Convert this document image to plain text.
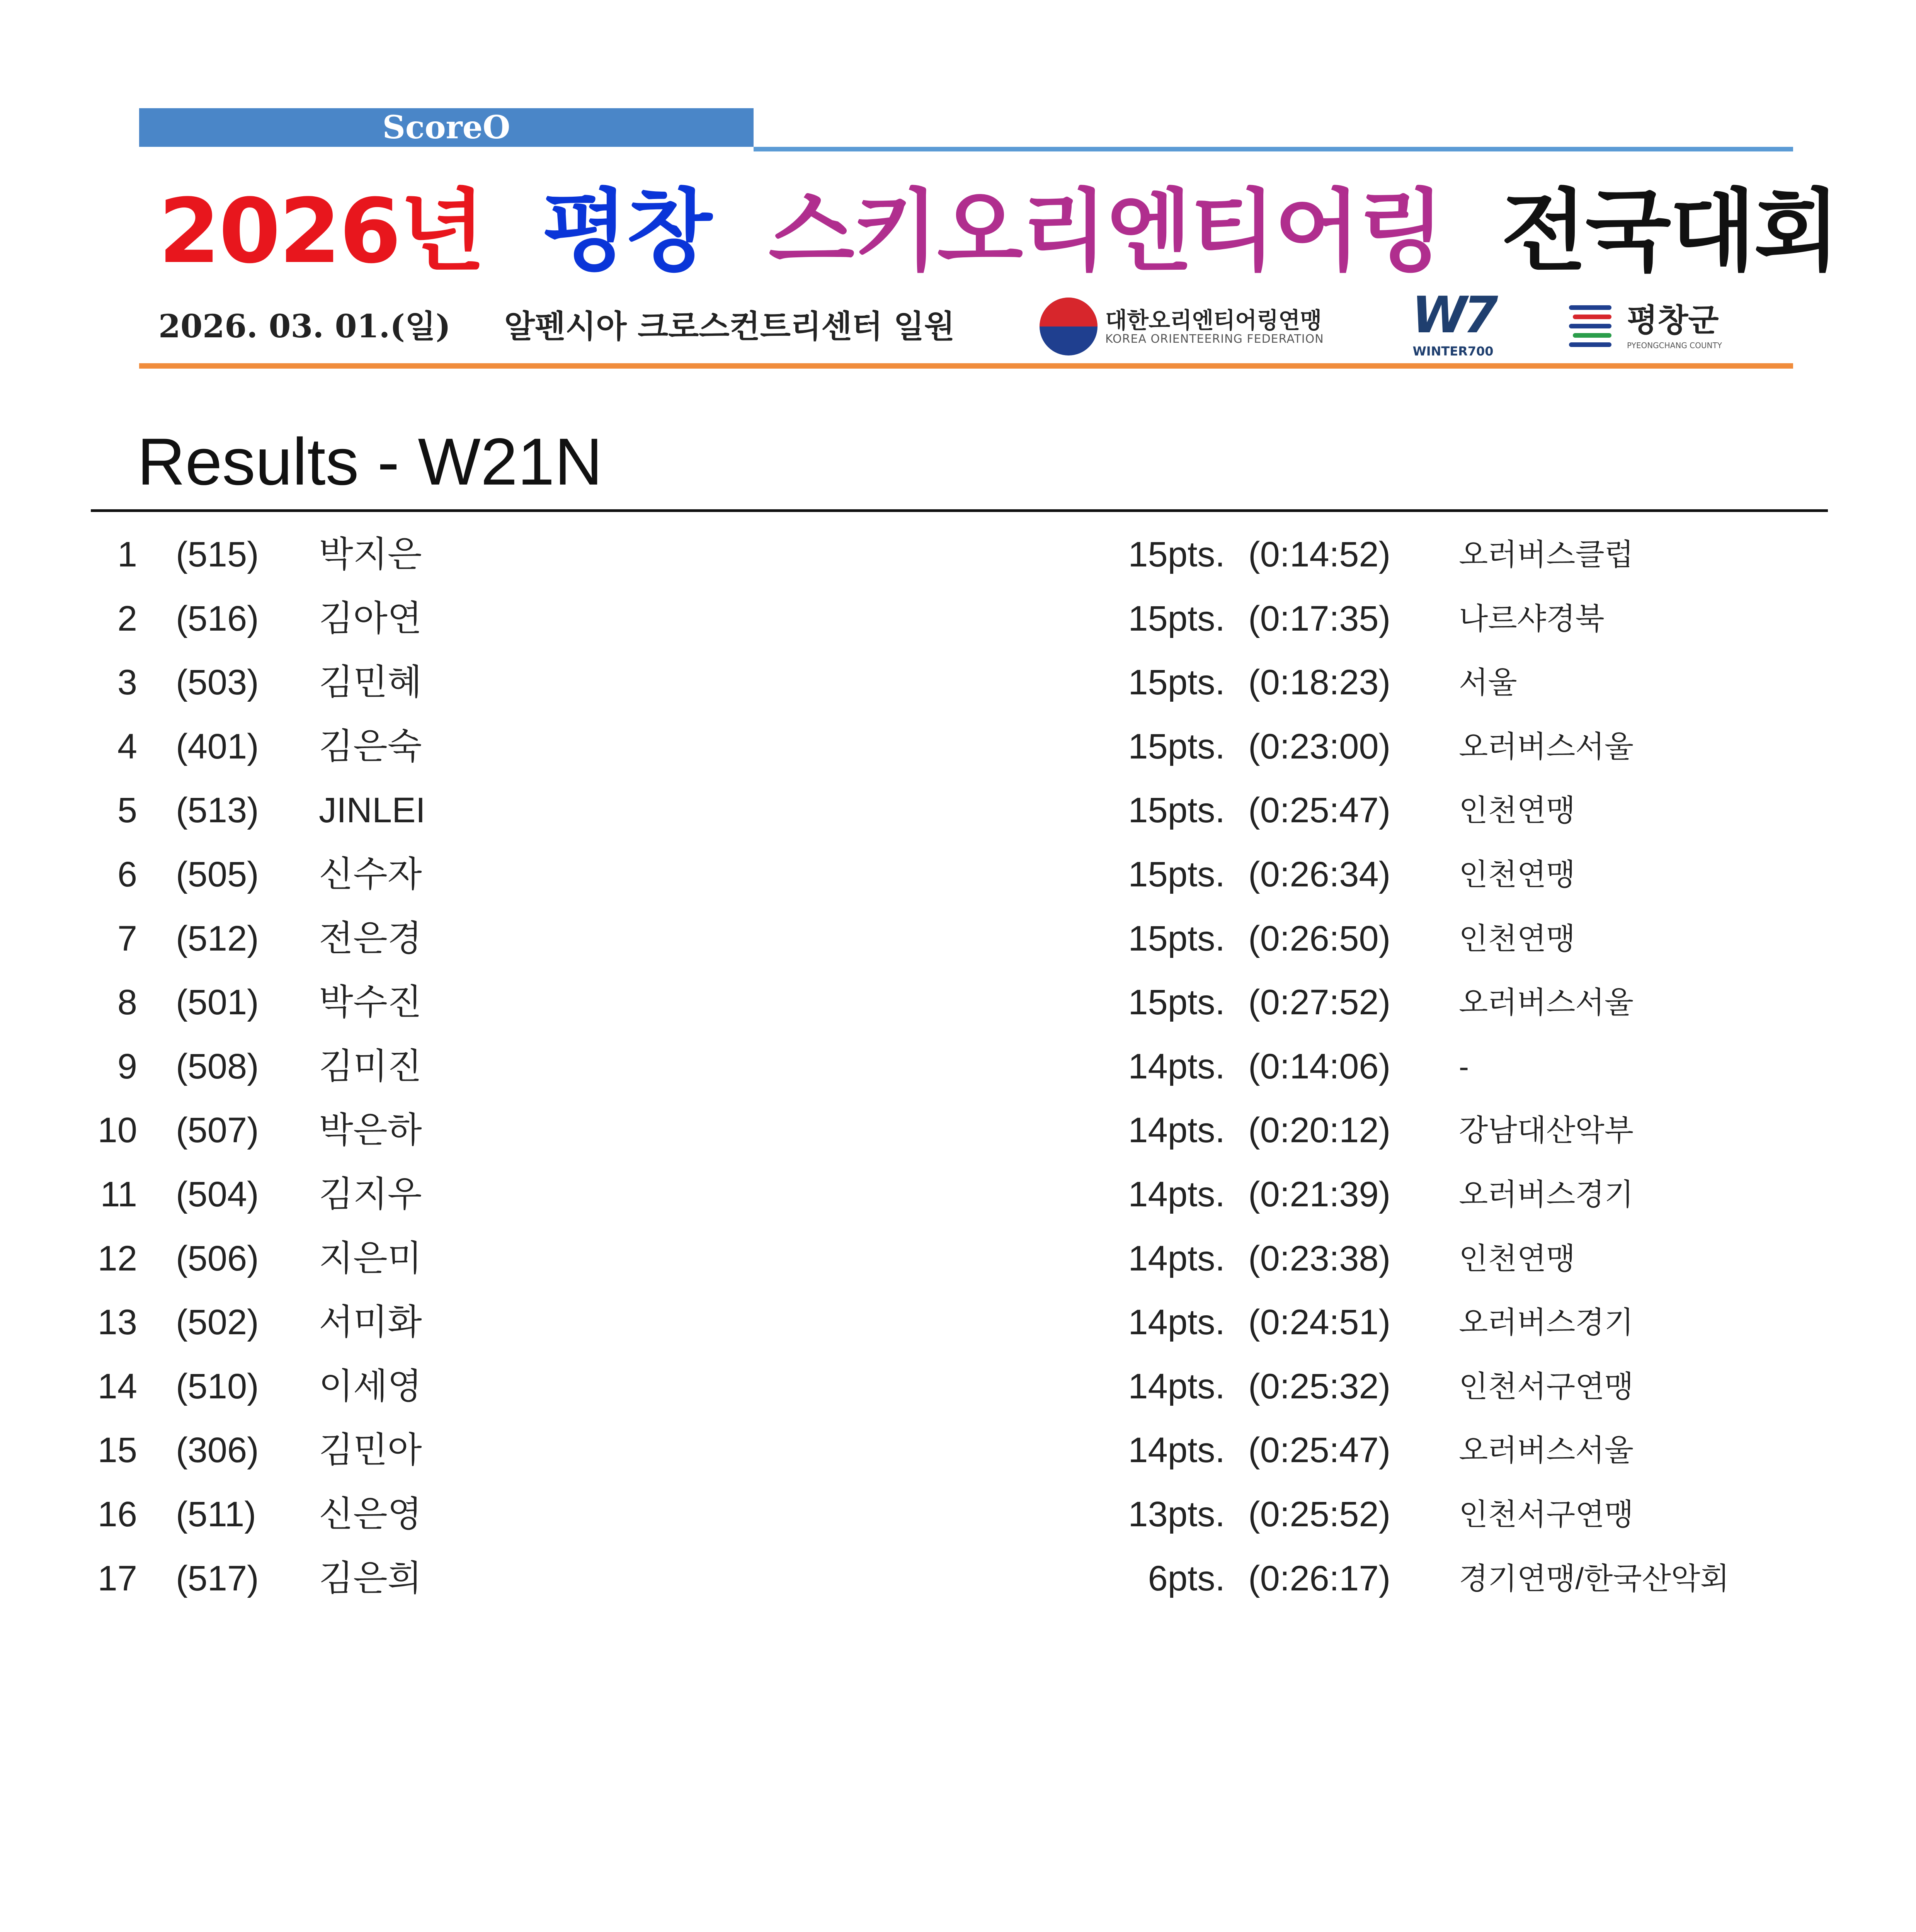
ScoreO
2026년 평창 스키오리엔티어링 전국대회
2026. 03. 01.(일) 알펜시아 크로스컨트리센터 일원	대한오리엔티어링연맹
KOREA ORIENTEERING FEDERATION W7
WINTER700
평창군
PYEONGCHANG COUNTY
Results - W21N
1 (515) 박지은	15pts. (0:14:52) 오러버스클럽
2 (516) 김아연	15pts. (0:17:35) 나르샤경북
3 (503) 김민혜	15pts. (0:18:23) 서울
4 (401) 김은숙	15pts. (0:23:00) 오러버스서울
5 (513) JINLEI	15pts. (0:25:47) 인천연맹
6 (505) 신수자	15pts. (0:26:34) 인천연맹
7 (512) 전은경	15pts. (0:26:50) 인천연맹
8 (501) 박수진	15pts. (0:27:52) 오러버스서울
9 (508) 김미진	14pts. (0:14:06) -
10 (507) 박은하	14pts. (0:20:12) 강남대산악부
11 (504) 김지우	14pts. (0:21:39) 오러버스경기
12 (506) 지은미	14pts. (0:23:38) 인천연맹
13 (502) 서미화	14pts. (0:24:51) 오러버스경기
14 (510) 이세영	14pts. (0:25:32) 인천서구연맹
15 (306) 김민아	14pts. (0:25:47) 오러버스서울
16 (511) 신은영	13pts. (0:25:52) 인천서구연맹
17 (517) 김은희	6pts. (0:26:17) 경기연맹/한국산악회
